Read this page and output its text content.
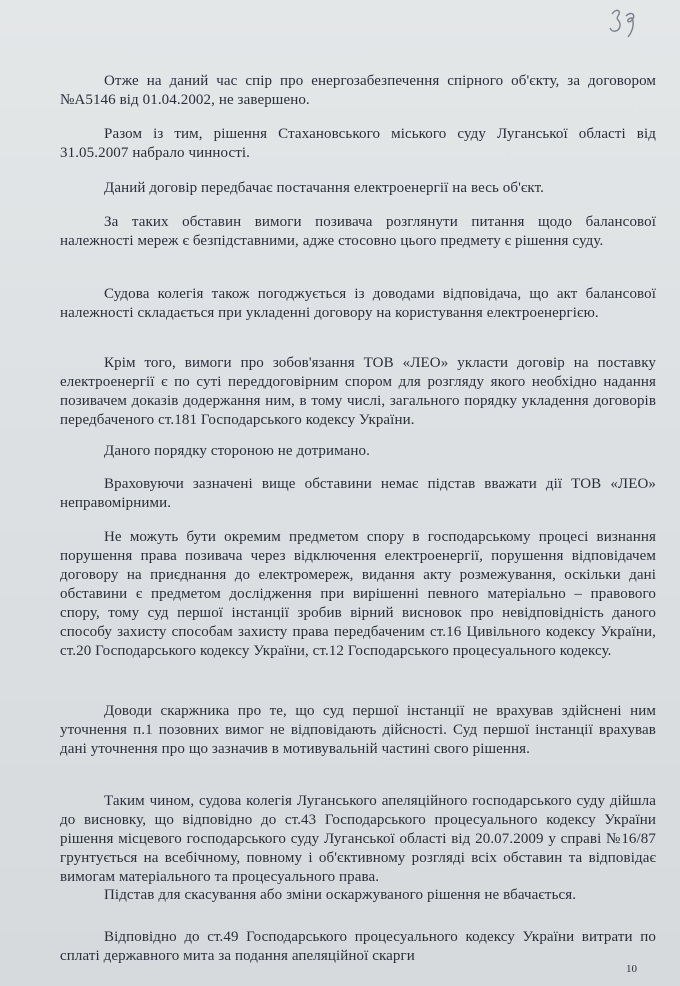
Отже на даний час спір про енергозабезпечення спірного об'єкту, за договором №А5146 від 01.04.2002, не завершено.

Разом із тим, рішення Стахановського міського суду Луганської області від 31.05.2007 набрало чинності.

Даний договір передбачає постачання електроенергії на весь об'єкт.

За таких обставин вимоги позивача розглянути питання щодо балансової належності мереж є безпідставними, адже стосовно цього предмету є рішення суду.

Судова колегія також погоджується із доводами відповідача, що акт балансової належності складається при укладенні договору на користування електроенергією.

Крім того, вимоги про зобов'язання ТОВ «ЛЕО» укласти договір на поставку електроенергії є по суті переддоговірним спором для розгляду якого необхідно надання позивачем доказів додержання ним, в тому числі, загального порядку укладення договорів передбаченого ст.181 Господарського кодексу України.

Даного порядку стороною не дотримано.

Враховуючи зазначені вище обставини немає підстав вважати дії ТОВ «ЛЕО» неправомірними.

Не можуть бути окремим предметом спору в господарському процесі визнання порушення права позивача через відключення електроенергії, порушення відповідачем договору на приєднання до електромереж, видання акту розмежування, оскільки дані обставини є предметом дослідження при вирішенні певного матеріально – правового спору, тому суд першої інстанції зробив вірний висновок про невідповідність даного способу захисту способам захисту права передбаченим ст.16 Цивільного кодексу України, ст.20 Господарського кодексу України, ст.12 Господарського процесуального кодексу.

Доводи скаржника про те, що суд першої інстанції не врахував здійснені ним уточнення п.1 позовних вимог не відповідають дійсності. Суд першої інстанції врахував дані уточнення про що зазначив в мотивувальній частині свого рішення.

Таким чином, судова колегія Луганського апеляційного господарського суду дійшла до висновку, що відповідно до ст.43 Господарського процесуального кодексу України рішення місцевого господарського суду Луганської області від 20.07.2009 у справі №16/87 грунтується на всебічному, повному і об'єктивному розгляді всіх обставин та відповідає вимогам матеріального та процесуального права.

Підстав для скасування або зміни оскаржуваного рішення не вбачається.

Відповідно до ст.49 Господарського процесуального кодексу України витрати по сплаті державного мита за подання апеляційної скарги

10
